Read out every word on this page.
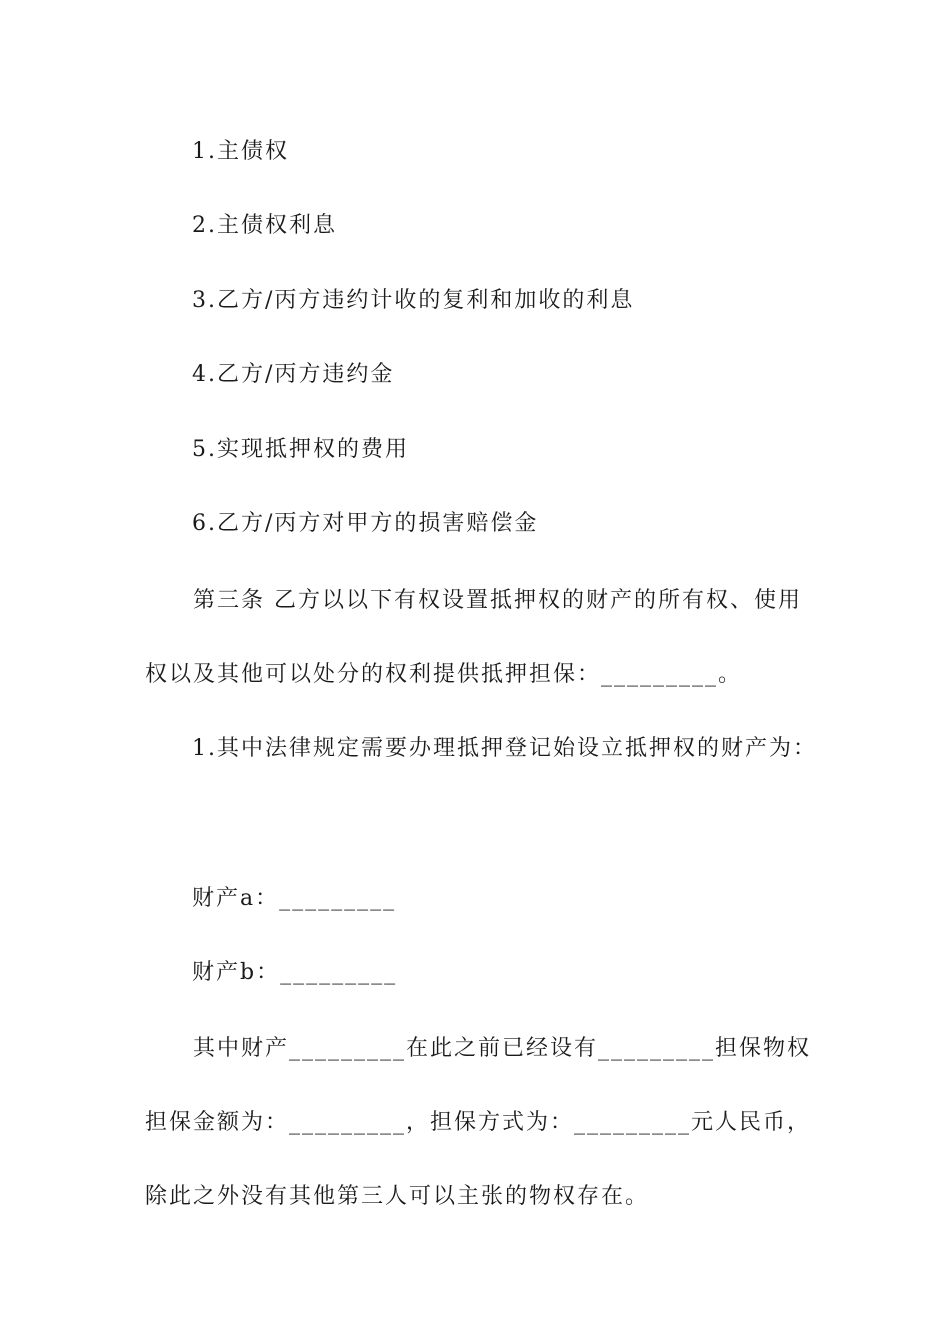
1.主债权
2.主债权利息
3.乙方/丙方违约计收的复利和加收的利息
4.乙方/丙方违约金
5.实现抵押权的费用
6.乙方/丙方对甲方的损害赔偿金
第三条 乙方以以下有权设置抵押权的财产的所有权、使用
权以及其他可以处分的权利提供抵押担保：_________。
1.其中法律规定需要办理抵押登记始设立抵押权的财产为：
财产a：_________
财产b：_________
其中财产_________在此之前已经设有_________担保物权
担保金额为：_________，担保方式为：_________元人民币，
除此之外没有其他第三人可以主张的物权存在。
